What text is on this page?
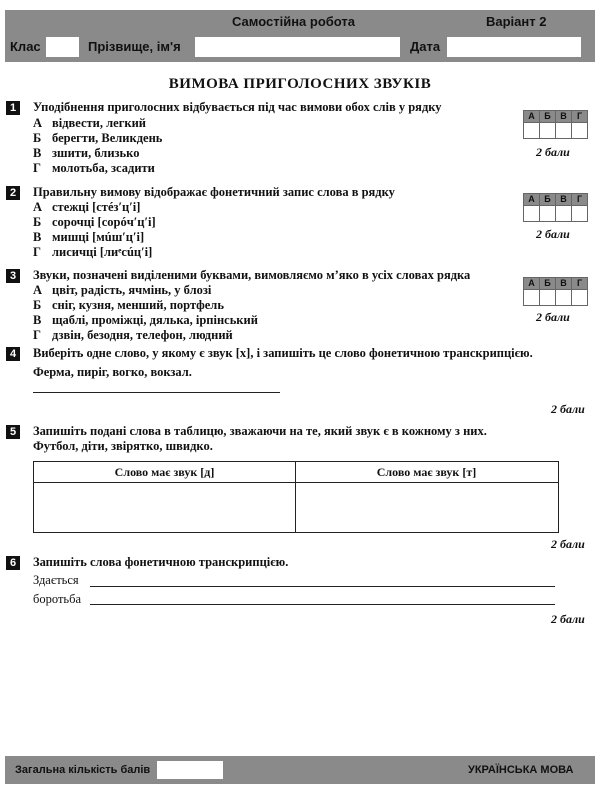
Самостійна робота	Варіант 2
Клас	Прізвище, ім'я	Дата
ВИМОВА ПРИГОЛОСНИХ ЗВУКІВ
1	Уподібнення приголосних відбувається під час вимови обох слів у рядку
А відвести, легкий
Б берегти, Великдень
В зшити, близько
Г молотьба, зсадити
А	Б	В	Г

2 бали
2	Правильну вимову відображає фонетичний запис слова в рядку
А стежці [стéз′ц′і]
Б сорочці [сорóч′ц′і]
В мишці [мúш′ц′і]
Г лисичці [лиᵉсúц′і]
А	Б	В	Г

2 бали
3	Звуки, позначені виділеними буквами, вимовляємо м’яко в усіх словах рядка
А цвіт, радість, ячмінь, у блозі
Б сніг, кузня, менший, портфель
В щаблі, проміжці, дялька, ірпінський
Г дзвін, безодня, телефон, людний
А	Б	В	Г

2 бали
4	Виберіть одне слово, у якому є звук [х], і запишіть це слово фонетичною транскрипцією.
Ферма, пиріг, вогко, вокзал.
2 бали
5	Запишіть подані слова в таблицю, зважаючи на те, який звук є в кожному з них.
Футбол, діти, звірятко, швидко.
Слово має звук [д]	Слово має звук [т]
2 бали
6	Запишіть слова фонетичною транскрипцією.
Здається
боротьба
2 бали
Загальна кількість балів	УКРАЇНСЬКА МОВА
